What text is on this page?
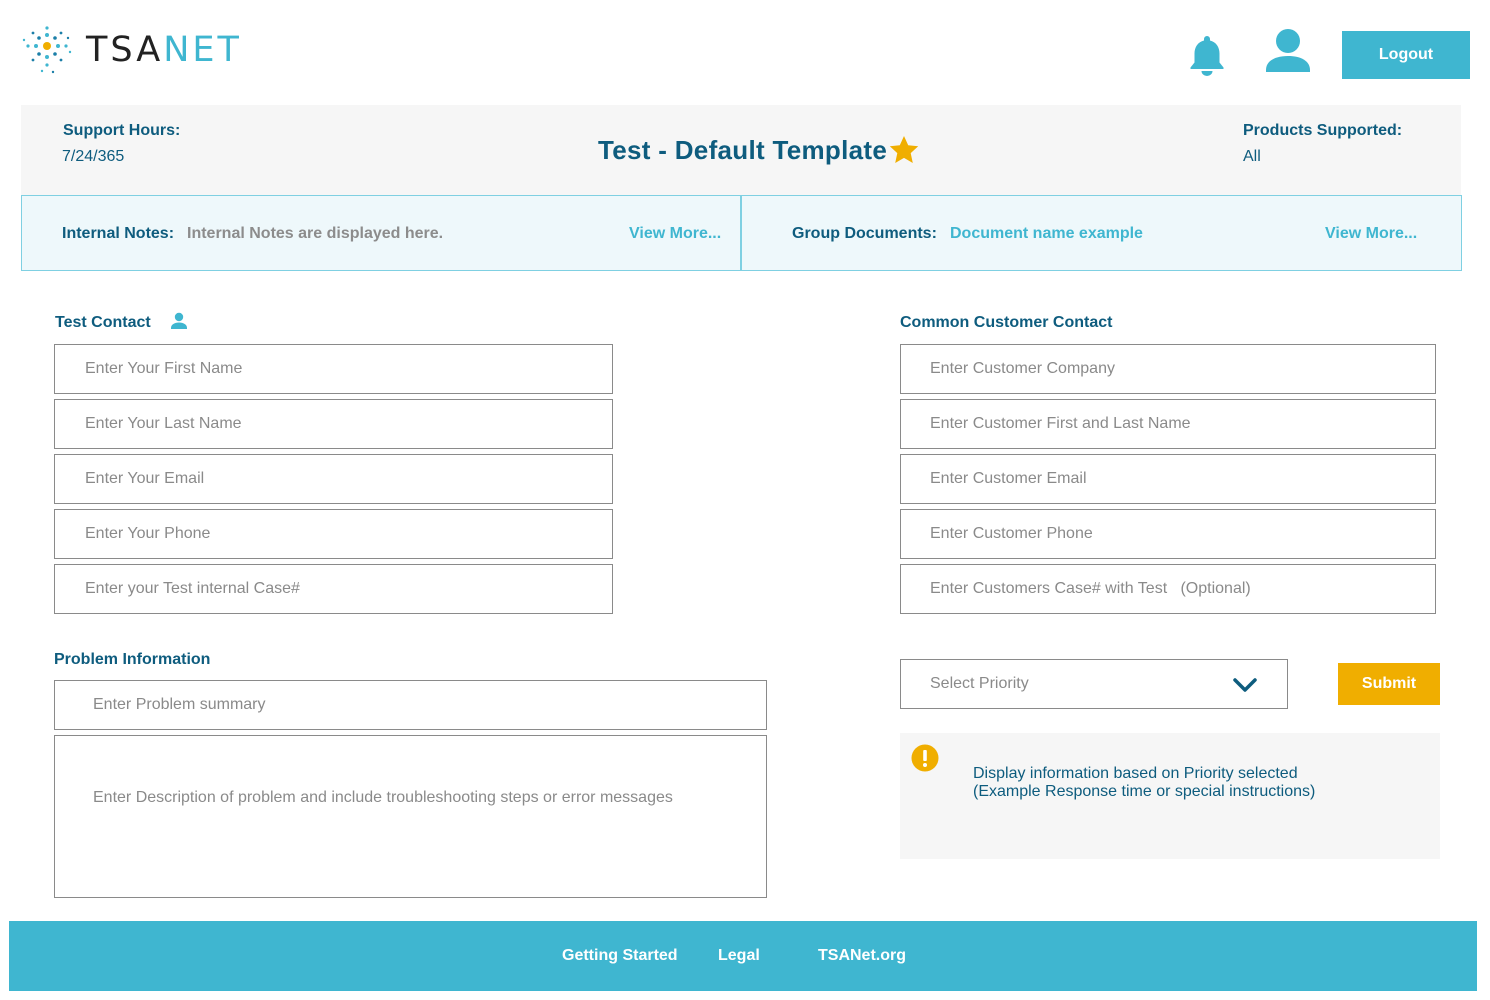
TSANET	Logout
Support Hours:
7/24/365	Test - Default Template
Products Supported:
All
Internal Notes: Internal Notes are displayed here.	View More...	Group Documents: Document name example	View More...
Test Contact
Enter Your First Name
Enter Your Last Name
Enter Your Email
Enter Your Phone
Enter your Test internal Case#	Common Customer Contact
Enter Customer Company
Enter Customer First and Last Name
Enter Customer Email
Enter Customer Phone
Enter Customers Case# with Test (Optional)
Problem Information
Enter Problem summary
Enter Description of problem and include troubleshooting steps or error messages
Select Priority	Submit
Display information based on Priority selected
(Example Response time or special instructions)
Getting Started	Legal	TSANet.org
